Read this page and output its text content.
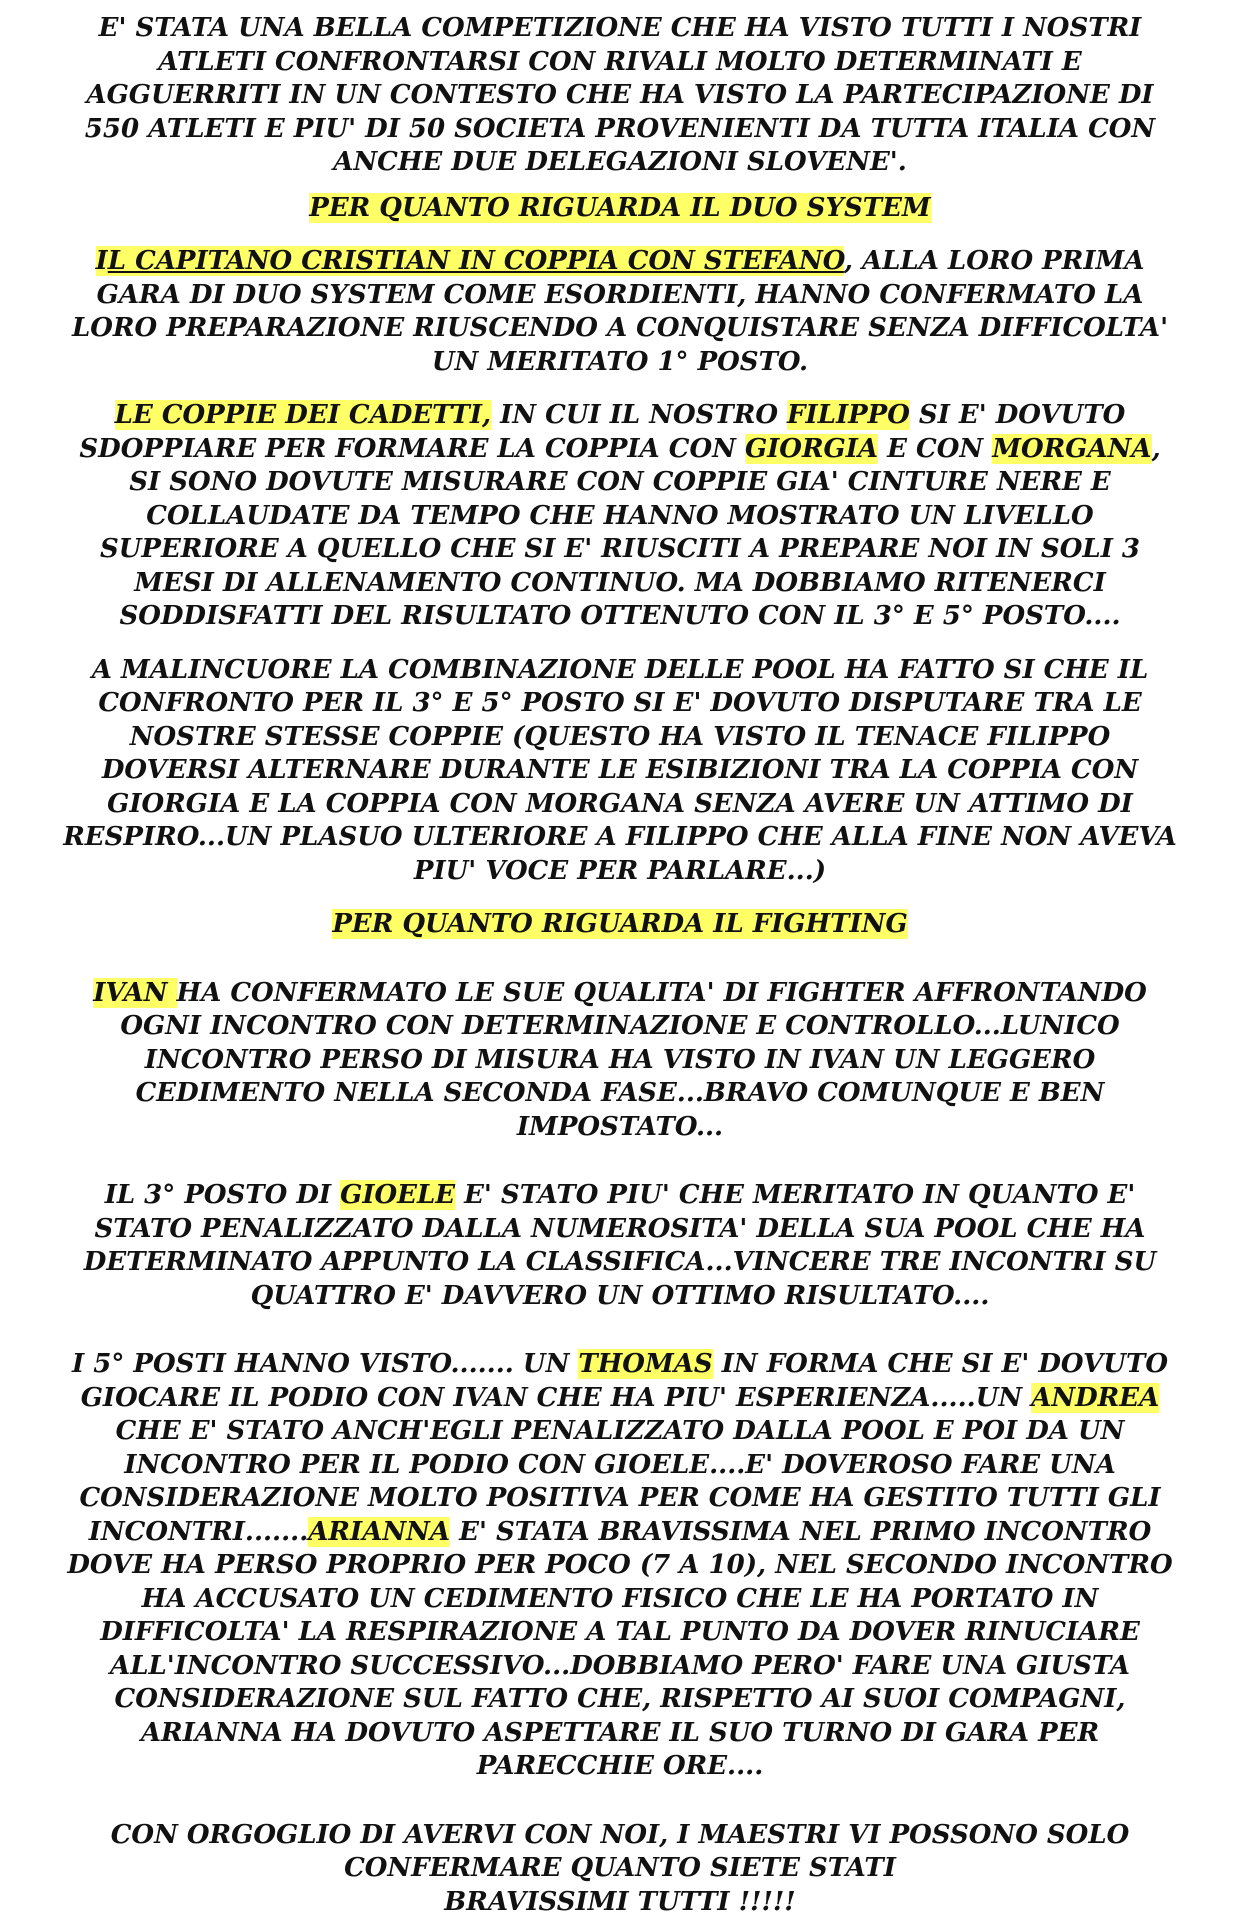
E' STATA UNA BELLA COMPETIZIONE CHE HA VISTO TUTTI I NOSTRI ATLETI CONFRONTARSI CON RIVALI MOLTO DETERMINATI E AGGUERRITI IN UN CONTESTO CHE HA VISTO LA PARTECIPAZIONE DI 550 ATLETI E PIU' DI 50 SOCIETA PROVENIENTI DA TUTTA ITALIA CON ANCHE DUE DELEGAZIONI SLOVENE'.

PER QUANTO RIGUARDA IL DUO SYSTEM

IL CAPITANO CRISTIAN IN COPPIA CON STEFANO, ALLA LORO PRIMA GARA DI DUO SYSTEM COME ESORDIENTI, HANNO CONFERMATO LA LORO PREPARAZIONE RIUSCENDO A CONQUISTARE SENZA DIFFICOLTA' UN MERITATO 1° POSTO.

LE COPPIE DEI CADETTI, IN CUI IL NOSTRO FILIPPO SI E' DOVUTO SDOPPIARE PER FORMARE LA COPPIA CON GIORGIA E CON MORGANA, SI SONO DOVUTE MISURARE CON COPPIE GIA' CINTURE NERE E COLLAUDATE DA TEMPO CHE HANNO MOSTRATO UN LIVELLO SUPERIORE A QUELLO CHE SI E' RIUSCITI A PREPARE NOI IN SOLI 3 MESI DI ALLENAMENTO CONTINUO. MA DOBBIAMO RITENERCI SODDISFATTI DEL RISULTATO OTTENUTO CON IL 3° E 5° POSTO....

A MALINCUORE LA COMBINAZIONE DELLE POOL HA FATTO SI CHE IL CONFRONTO PER IL 3° E 5° POSTO SI E' DOVUTO DISPUTARE TRA LE NOSTRE STESSE COPPIE (QUESTO HA VISTO IL TENACE FILIPPO DOVERSI ALTERNARE DURANTE LE ESIBIZIONI TRA LA COPPIA CON GIORGIA E LA COPPIA CON MORGANA SENZA AVERE UN ATTIMO DI RESPIRO...UN PLASUO ULTERIORE A FILIPPO CHE ALLA FINE NON AVEVA PIU' VOCE PER PARLARE...)

PER QUANTO RIGUARDA IL FIGHTING

IVAN HA CONFERMATO LE SUE QUALITA' DI FIGHTER AFFRONTANDO OGNI INCONTRO CON DETERMINAZIONE E CONTROLLO...LUNICO INCONTRO PERSO DI MISURA HA VISTO IN IVAN UN LEGGERO CEDIMENTO NELLA SECONDA FASE...BRAVO COMUNQUE E BEN IMPOSTATO...

IL 3° POSTO DI GIOELE E' STATO PIU' CHE MERITATO IN QUANTO E' STATO PENALIZZATO DALLA NUMEROSITA' DELLA SUA POOL CHE HA DETERMINATO APPUNTO LA CLASSIFICA...VINCERE TRE INCONTRI SU QUATTRO E' DAVVERO UN OTTIMO RISULTATO....

I 5° POSTI HANNO VISTO....... UN THOMAS IN FORMA CHE SI E' DOVUTO GIOCARE IL PODIO CON IVAN CHE HA PIU' ESPERIENZA.....UN ANDREA CHE E' STATO ANCH'EGLI PENALIZZATO DALLA POOL E POI DA UN INCONTRO PER IL PODIO CON GIOELE....E' DOVEROSO FARE UNA CONSIDERAZIONE MOLTO POSITIVA PER COME HA GESTITO TUTTI GLI INCONTRI.......ARIANNA E' STATA BRAVISSIMA NEL PRIMO INCONTRO DOVE HA PERSO PROPRIO PER POCO (7 A 10), NEL SECONDO INCONTRO HA ACCUSATO UN CEDIMENTO FISICO CHE LE HA PORTATO IN DIFFICOLTA' LA RESPIRAZIONE A TAL PUNTO DA DOVER RINUCIARE ALL'INCONTRO SUCCESSIVO...DOBBIAMO PERO' FARE UNA GIUSTA CONSIDERAZIONE SUL FATTO CHE, RISPETTO AI SUOI COMPAGNI, ARIANNA HA DOVUTO ASPETTARE IL SUO TURNO DI GARA PER PARECCHIE ORE....

CON ORGOGLIO DI AVERVI CON NOI, I MAESTRI VI POSSONO SOLO

CONFERMARE QUANTO SIETE STATI

BRAVISSIMI TUTTI !!!!!
